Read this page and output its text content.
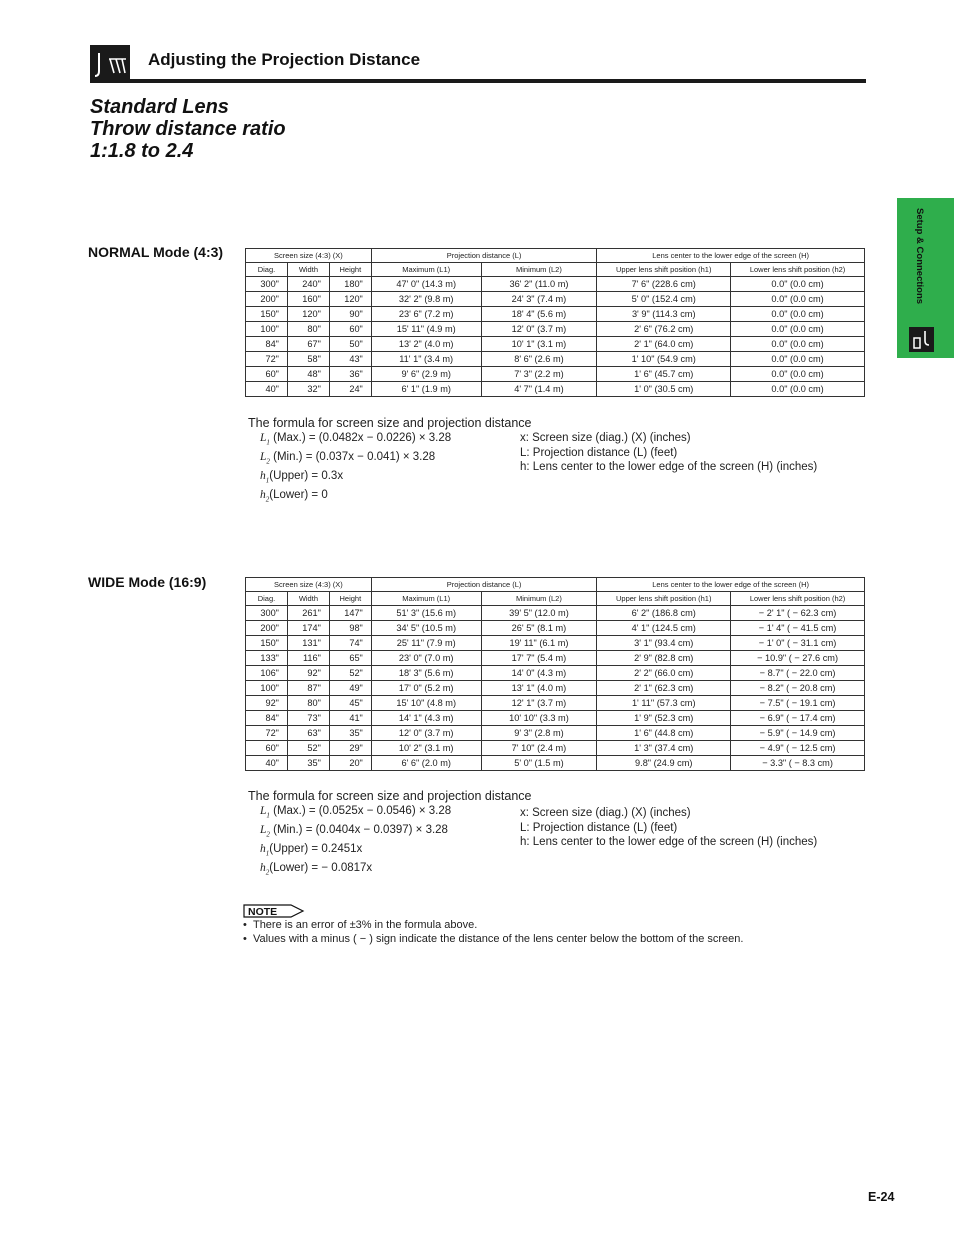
Adjusting the Projection Distance
Standard Lens
Throw distance ratio
1:1.8 to 2.4
Setup & Connections
NORMAL Mode (4:3)	Screen size (4:3) (X)			Projection distance (L)		Lens center to the lower edge of the screen (H)	
Diag.	Width	Height	Maximum (L1)	Minimum (L2)	Upper lens shift position (h1)	Lower lens shift position (h2)
300"	240"	180"	47' 0" (14.3 m)	36' 2" (11.0 m)	7' 6" (228.6 cm)	0.0" (0.0 cm)
200"	160"	120"	32' 2" (9.8 m)	24' 3" (7.4 m)	5' 0" (152.4 cm)	0.0" (0.0 cm)
150"	120"	90"	23' 6" (7.2 m)	18' 4" (5.6 m)	3' 9" (114.3 cm)	0.0" (0.0 cm)
100"	80"	60"	15' 11" (4.9 m)	12' 0" (3.7 m)	2' 6" (76.2 cm)	0.0" (0.0 cm)
84"	67"	50"	13' 2" (4.0 m)	10' 1" (3.1 m)	2' 1" (64.0 cm)	0.0" (0.0 cm)
72"	58"	43"	11' 1" (3.4 m)	8' 6" (2.6 m)	1' 10" (54.9 cm)	0.0" (0.0 cm)
60"	48"	36"	9' 6" (2.9 m)	7' 3" (2.2 m)	1' 6" (45.7 cm)	0.0" (0.0 cm)
40"	32"	24"	6' 1" (1.9 m)	4' 7" (1.4 m)	1' 0" (30.5 cm)	0.0" (0.0 cm)
The formula for screen size and projection distance
$L_1$ (Max.) = (0.0482x − 0.0226) × 3.28
$L_2$ (Min.) = (0.037x − 0.041) × 3.28
$h_1(Upper) = 0.3x$
$h_2(Lower) = 0$
x: Screen size (diag.) (X) (inches)
L: Projection distance (L) (feet)
h: Lens center to the lower edge of the screen (H) (inches)
WIDE Mode (16:9)	Screen size (4:3) (X)			Projection distance (L)		Lens center to the lower edge of the screen (H)	
Diag.	Width	Height	Maximum (L1)	Minimum (L2)	Upper lens shift position (h1)	Lower lens shift position (h2)
300"	261"	147"	51' 3" (15.6 m)	39' 5" (12.0 m)	6' 2" (186.8 cm)	− 2' 1" ( − 62.3 cm)
200"	174"	98"	34' 5" (10.5 m)	26' 5" (8.1 m)	4' 1" (124.5 cm)	− 1' 4" ( − 41.5 cm)
150"	131"	74"	25' 11" (7.9 m)	19' 11" (6.1 m)	3' 1" (93.4 cm)	− 1' 0" ( − 31.1 cm)
133"	116"	65"	23' 0" (7.0 m)	17' 7" (5.4 m)	2' 9" (82.8 cm)	− 10.9" ( − 27.6 cm)
106"	92"	52"	18' 3" (5.6 m)	14' 0" (4.3 m)	2' 2" (66.0 cm)	− 8.7" ( − 22.0 cm)
100"	87"	49"	17' 0" (5.2 m)	13' 1" (4.0 m)	2' 1" (62.3 cm)	− 8.2" ( − 20.8 cm)
92"	80"	45"	15' 10" (4.8 m)	12' 1" (3.7 m)	1' 11" (57.3 cm)	− 7.5" ( − 19.1 cm)
84"	73"	41"	14' 1" (4.3 m)	10' 10" (3.3 m)	1' 9" (52.3 cm)	− 6.9" ( − 17.4 cm)
72"	63"	35"	12' 0" (3.7 m)	9' 3" (2.8 m)	1' 6" (44.8 cm)	− 5.9" ( − 14.9 cm)
60"	52"	29"	10' 2" (3.1 m)	7' 10" (2.4 m)	1' 3" (37.4 cm)	− 4.9" ( − 12.5 cm)
40"	35"	20"	6' 6" (2.0 m)	5' 0" (1.5 m)	9.8" (24.9 cm)	− 3.3" ( − 8.3 cm)
The formula for screen size and projection distance
$L_1$ (Max.) = (0.0525x − 0.0546) × 3.28
$L_2$ (Min.) = (0.0404x − 0.0397) × 3.28
$h_1(Upper) = 0.2451x$
$h_2(Lower)$ = − 0.0817x
x: Screen size (diag.) (X) (inches)
L: Projection distance (L) (feet)
h: Lens center to the lower edge of the screen (H) (inches)
NOTE
•  There is an error of ±3% in the formula above.
•  Values with a minus ( − ) sign indicate the distance of the lens center below the bottom of the screen.
E-24
